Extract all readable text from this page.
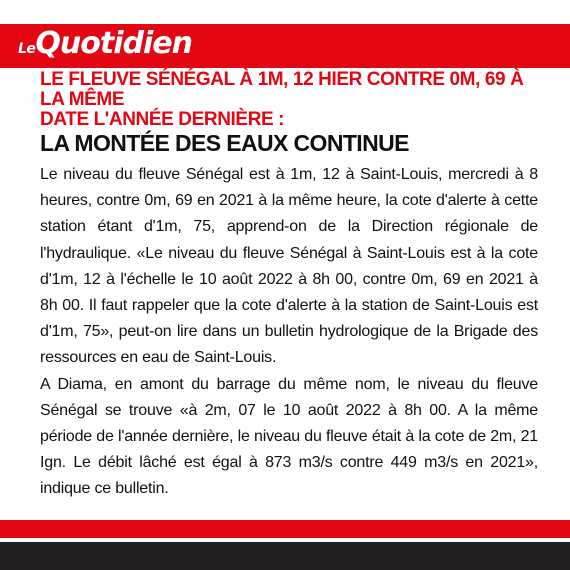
LeQuotidien

LE FLEUVE SÉNÉGAL À 1M, 12 HIER CONTRE 0M, 69 À LA MÊME

DATE L'ANNÉE DERNIÈRE :

LA MONTÉE DES EAUX CONTINUE

Le niveau du fleuve Sénégal est à 1m, 12 à Saint-Louis, mercredi à 8 heures, contre 0m, 69 en 2021 à la même heure, la cote d'alerte à cette station étant d'1m, 75, apprend-on de la Direction régionale de l'hydraulique. «Le niveau du fleuve Sénégal à Saint-Louis est à la cote d'1m, 12 à l'échelle le 10 août 2022 à 8h 00, contre 0m, 69 en 2021 à 8h 00. Il faut rappeler que la cote d'alerte à la station de Saint-Louis est d'1m, 75», peut-on lire dans un bulletin hydrologique de la Brigade des ressources en eau de Saint-Louis.

A Diama, en amont du barrage du même nom, le niveau du fleuve Sénégal se trouve «à 2m, 07 le 10 août 2022 à 8h 00. A la même période de l'année dernière, le niveau du fleuve était à la cote de 2m, 21 Ign. Le débit lâché est égal à 873 m3/s contre 449 m3/s en 2021», indique ce bulletin.
